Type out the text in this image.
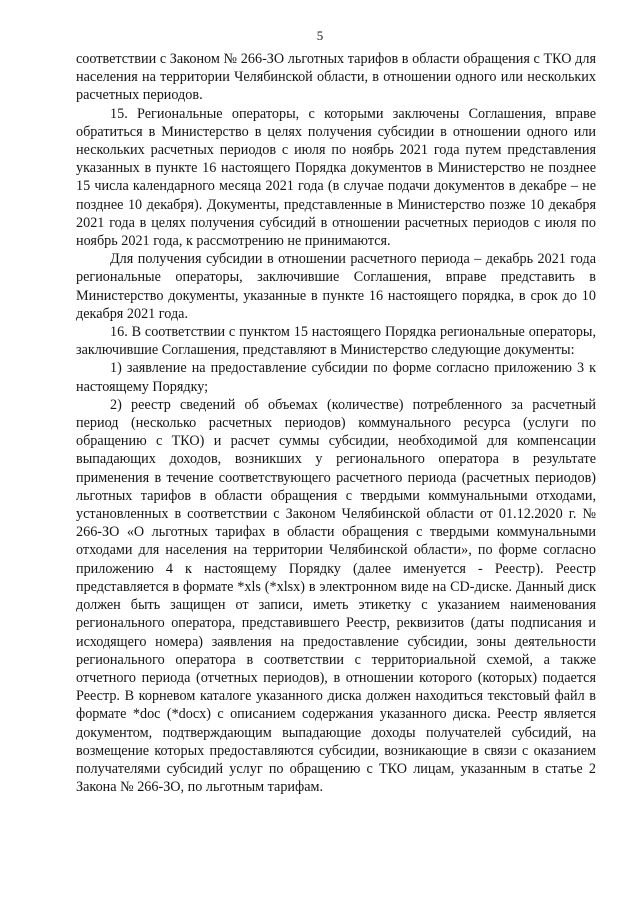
5

соответствии с Законом № 266-ЗО льготных тарифов в области обращения с ТКО для населения на территории Челябинской области, в отношении одного или нескольких расчетных периодов.

15. Региональные операторы, с которыми заключены Соглашения, вправе обратиться в Министерство в целях получения субсидии в отношении одного или нескольких расчетных периодов с июля по ноябрь 2021 года путем представления указанных в пункте 16 настоящего Порядка документов в Министерство не позднее 15 числа календарного месяца 2021 года (в случае подачи документов в декабре – не позднее 10 декабря). Документы, представленные в Министерство позже 10 декабря 2021 года в целях получения субсидий в отношении расчетных периодов с июля по ноябрь 2021 года, к рассмотрению не принимаются.

Для получения субсидии в отношении расчетного периода – декабрь 2021 года региональные операторы, заключившие Соглашения, вправе представить в Министерство документы, указанные в пункте 16 настоящего порядка, в срок до 10 декабря 2021 года.

16. В соответствии с пунктом 15 настоящего Порядка региональные операторы, заключившие Соглашения, представляют в Министерство следующие документы:

1) заявление на предоставление субсидии по форме согласно приложению 3 к настоящему Порядку;

2) реестр сведений об объемах (количестве) потребленного за расчетный период (несколько расчетных периодов) коммунального ресурса (услуги по обращению с ТКО) и расчет суммы субсидии, необходимой для компенсации выпадающих доходов, возникших у регионального оператора в результате применения в течение соответствующего расчетного периода (расчетных периодов) льготных тарифов в области обращения с твердыми коммунальными отходами, установленных в соответствии с Законом Челябинской области от 01.12.2020 г. № 266-ЗО «О льготных тарифах в области обращения с твердыми коммунальными отходами для населения на территории Челябинской области», по форме согласно приложению 4 к настоящему Порядку (далее именуется - Реестр). Реестр представляется в формате *xls (*xlsx) в электронном виде на CD-диске. Данный диск должен быть защищен от записи, иметь этикетку с указанием наименования регионального оператора, представившего Реестр, реквизитов (даты подписания и исходящего номера) заявления на предоставление субсидии, зоны деятельности регионального оператора в соответствии с территориальной схемой, а также отчетного периода (отчетных периодов), в отношении которого (которых) подается Реестр. В корневом каталоге указанного диска должен находиться текстовый файл в формате *doc (*docx) с описанием содержания указанного диска. Реестр является документом, подтверждающим выпадающие доходы получателей субсидий, на возмещение которых предоставляются субсидии, возникающие в связи с оказанием получателями субсидий услуг по обращению с ТКО лицам, указанным в статье 2 Закона № 266-ЗО, по льготным тарифам.
